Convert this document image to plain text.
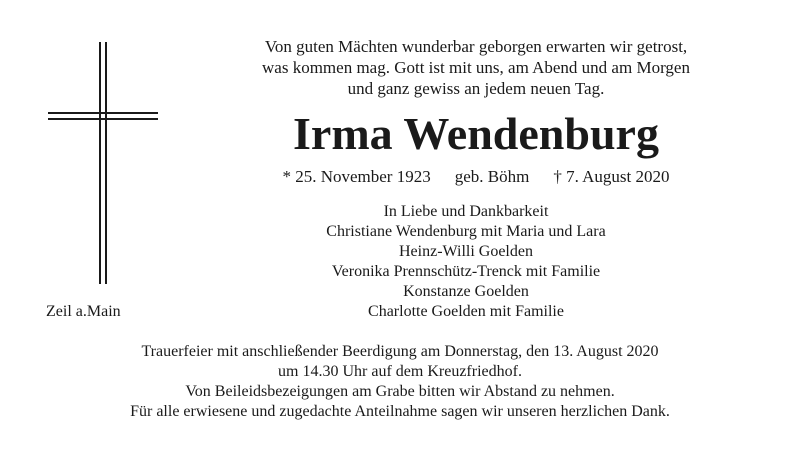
Zeil a.Main
Von guten Mächten wunderbar geborgen erwarten wir getrost,
was kommen mag. Gott ist mit uns, am Abend und am Morgen
und ganz gewiss an jedem neuen Tag.
Irma Wendenburg
* 25. November 1923 geb. Böhm † 7. August 2020
In Liebe und Dankbarkeit
Christiane Wendenburg mit Maria und Lara
Heinz-Willi Goelden
Veronika Prennschütz-Trenck mit Familie
Konstanze Goelden
Charlotte Goelden mit Familie
Trauerfeier mit anschließender Beerdigung am Donnerstag, den 13. August 2020
um 14.30 Uhr auf dem Kreuzfriedhof.
Von Beileidsbezeigungen am Grabe bitten wir Abstand zu nehmen.
Für alle erwiesene und zugedachte Anteilnahme sagen wir unseren herzlichen Dank.
